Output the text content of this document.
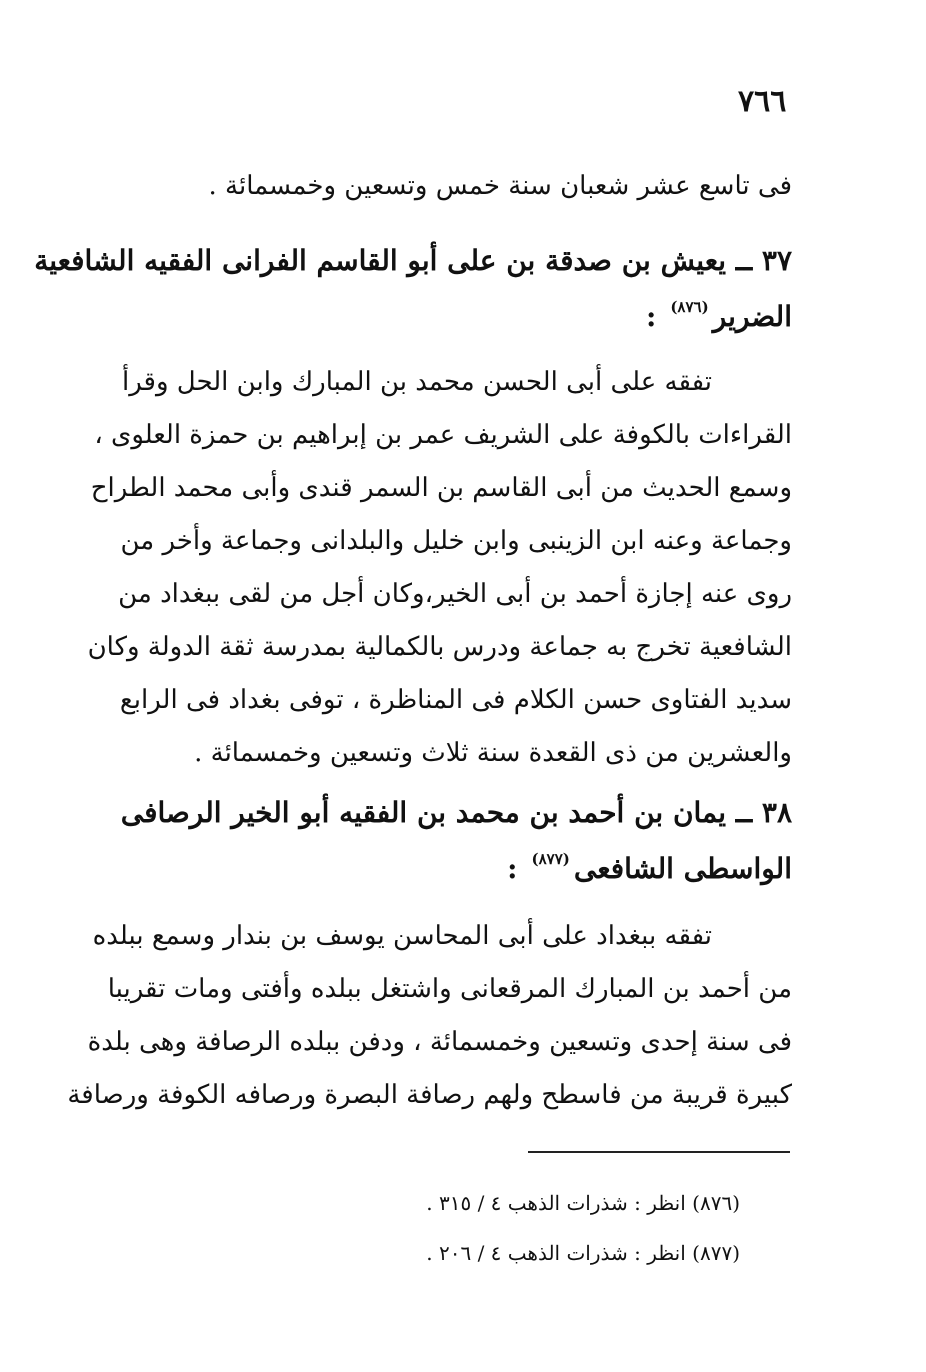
٧٦٦
فى تاسع عشر شعبان سنة خمس وتسعين وخمسمائة .
٣٧ ــ يعيش بن صدقة بن على أبو القاسم الفرانى الفقيه الشافعية
الضرير$^{(٨٧٦)}$:
تفقه على أبى الحسن محمد بن المبارك وابن الحل وقرأ
القراءات بالكوفة على الشريف عمر بن إبراهيم بن حمزة العلوى ،
وسمع الحديث من أبى القاسم بن السمر قندى وأبى محمد الطراح
وجماعة وعنه ابن الزينبى وابن خليل والبلدانى وجماعة وأخر من
روى عنه إجازة أحمد بن أبى الخير،وكان أجل من لقى ببغداد من
الشافعية تخرج به جماعة ودرس بالكمالية بمدرسة ثقة الدولة وكان
سديد الفتاوى حسن الكلام فى المناظرة ، توفى بغداد فى الرابع
والعشرين من ذى القعدة سنة ثلاث وتسعين وخمسمائة .
٣٨ ــ يمان بن أحمد بن محمد بن الفقيه أبو الخير الرصافى
الواسطى الشافعى$^{(٨٧٧)}$:
تفقه ببغداد على أبى المحاسن يوسف بن بندار وسمع ببلده
من أحمد بن المبارك المرقعانى واشتغل ببلده وأفتى ومات تقريبا
فى سنة إحدى وتسعين وخمسمائة ، ودفن ببلده الرصافة وهى بلدة
كبيرة قريبة من فاسطح ولهم رصافة البصرة ورصافه الكوفة ورصافة
(٨٧٦) انظر : شذرات الذهب ٤ / ٣١٥ .
(٨٧٧) انظر : شذرات الذهب ٤ / ٢٠٦ .
